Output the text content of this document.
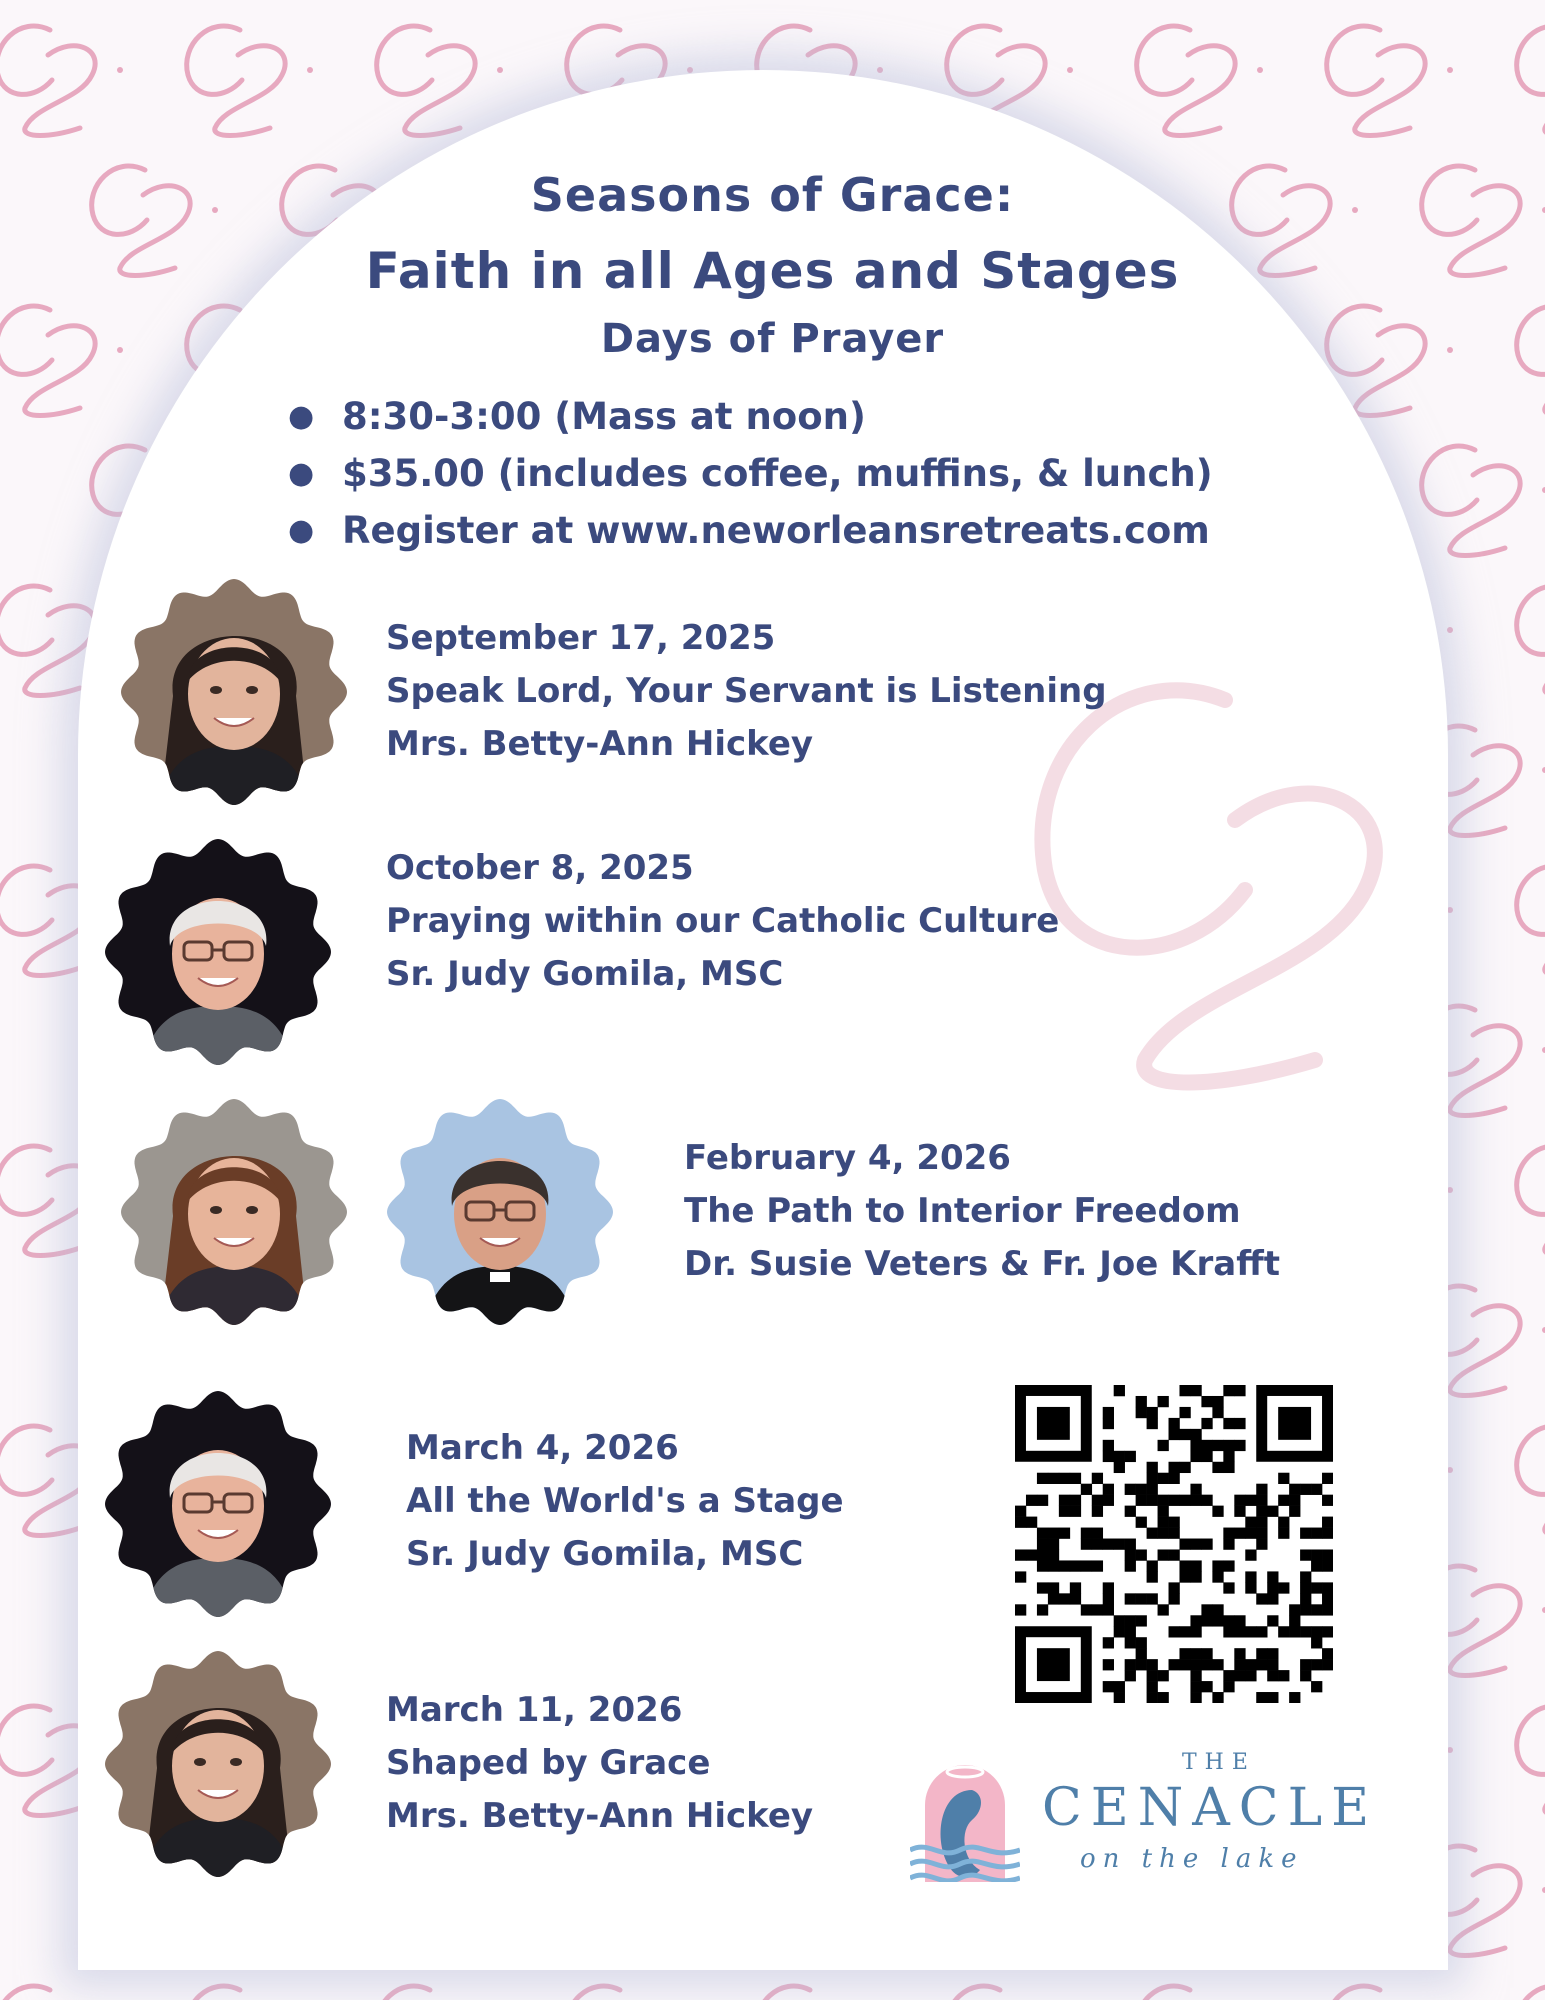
Seasons of Grace:
Faith in all Ages and Stages
Days of Prayer
● 8:30-3:00 (Mass at noon)
● $35.00 (includes coffee, muffins, & lunch)
● Register at www.neworleansretreats.com
September 17, 2025
Speak Lord, Your Servant is Listening
Mrs. Betty-Ann Hickey
October 8, 2025
Praying within our Catholic Culture
Sr. Judy Gomila, MSC
February 4, 2026
The Path to Interior Freedom
Dr. Susie Veters & Fr. Joe Krafft
March 4, 2026
All the World's a Stage
Sr. Judy Gomila, MSC
March 11, 2026
Shaped by Grace
Mrs. Betty-Ann Hickey
THE
CENACLE
on the lake
